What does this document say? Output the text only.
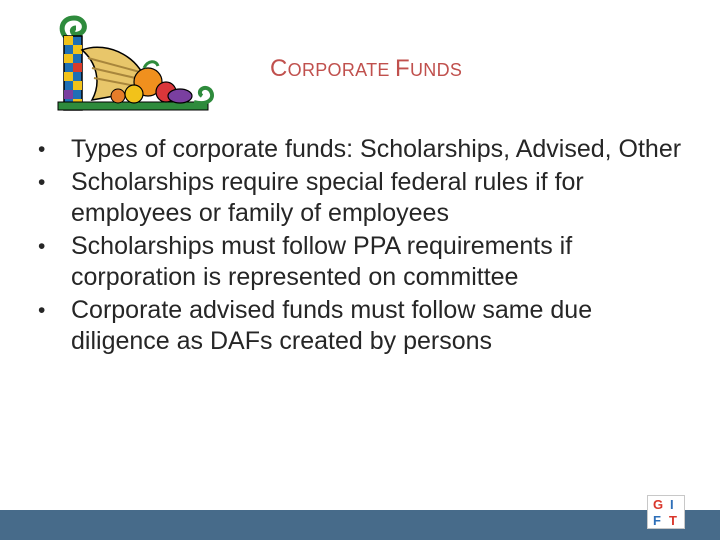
CORPORATE FUNDS
• Types of corporate funds: Scholarships, Advised, Other
• Scholarships require special federal rules if for employees or family of employees
• Scholarships must follow PPA requirements if corporation is represented on committee
• Corporate advised funds must follow same due diligence as DAFs created by persons
G I
F T
